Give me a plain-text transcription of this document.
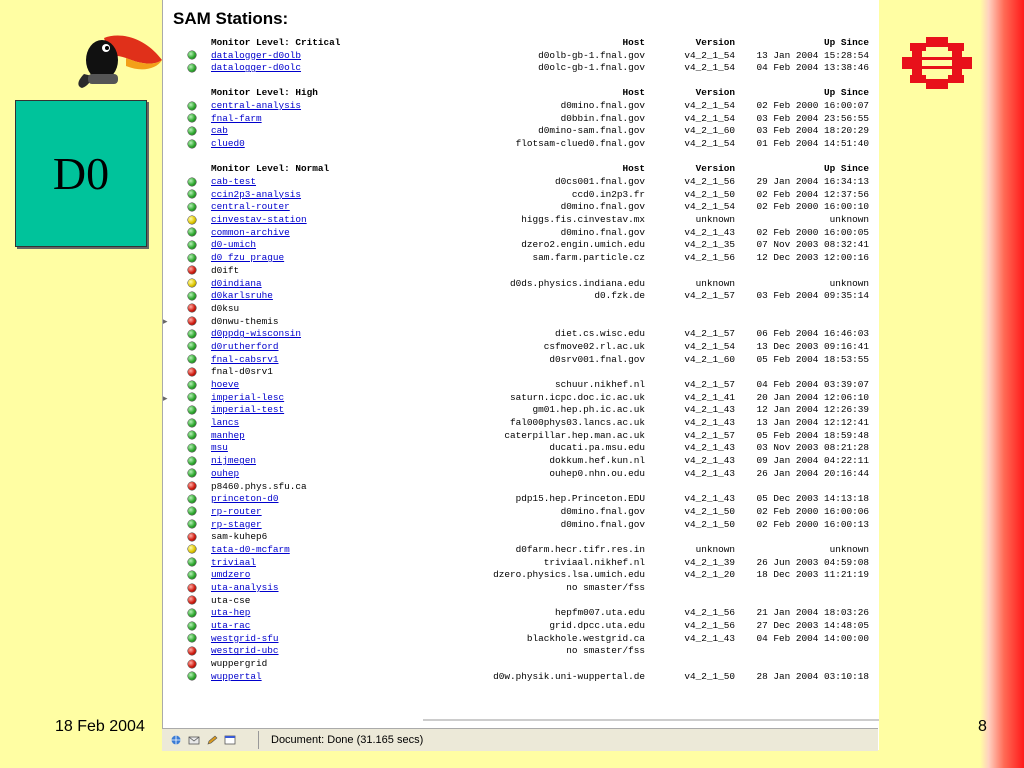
D0
18 Feb 2004	8
▸
▸
SAM Stations:
Monitor Level: Critical	Host	Version	Up Since
datalogger-d0olb	d0olb-gb-1.fnal.gov	v4_2_1_54	13 Jan 2004 15:28:54
datalogger-d0olc	d0olc-gb-1.fnal.gov	v4_2_1_54	04 Feb 2004 13:38:46
Monitor Level: High	Host	Version	Up Since
central-analysis	d0mino.fnal.gov	v4_2_1_54	02 Feb 2000 16:00:07
fnal-farm	d0bbin.fnal.gov	v4_2_1_54	03 Feb 2004 23:56:55
cab	d0mino-sam.fnal.gov	v4_2_1_60	03 Feb 2004 18:20:29
clued0	flotsam-clued0.fnal.gov	v4_2_1_54	01 Feb 2004 14:51:40
Monitor Level: Normal	Host	Version	Up Since
cab-test	d0cs001.fnal.gov	v4_2_1_56	29 Jan 2004 16:34:13
ccin2p3-analysis	ccd0.in2p3.fr	v4_2_1_50	02 Feb 2004 12:37:56
central-router	d0mino.fnal.gov	v4_2_1_54	02 Feb 2000 16:00:10
cinvestav-station	higgs.fis.cinvestav.mx	unknown	unknown
common-archive	d0mino.fnal.gov	v4_2_1_43	02 Feb 2000 16:00:05
d0-umich	dzero2.engin.umich.edu	v4_2_1_35	07 Nov 2003 08:32:41
d0 fzu prague	sam.farm.particle.cz	v4_2_1_56	12 Dec 2003 12:00:16
d0ift
d0indiana	d0ds.physics.indiana.edu	unknown	unknown
d0karlsruhe	d0.fzk.de	v4_2_1_57	03 Feb 2004 09:35:14
d0ksu
d0nwu-themis
d0ppdg-wisconsin	diet.cs.wisc.edu	v4_2_1_57	06 Feb 2004 16:46:03
d0rutherford	csfmove02.rl.ac.uk	v4_2_1_54	13 Dec 2003 09:16:41
fnal-cabsrv1	d0srv001.fnal.gov	v4_2_1_60	05 Feb 2004 18:53:55
fnal-d0srv1
hoeve	schuur.nikhef.nl	v4_2_1_57	04 Feb 2004 03:39:07
imperial-lesc	saturn.icpc.doc.ic.ac.uk	v4_2_1_41	20 Jan 2004 12:06:10
imperial-test	gm01.hep.ph.ic.ac.uk	v4_2_1_43	12 Jan 2004 12:26:39
lancs	fal000phys03.lancs.ac.uk	v4_2_1_43	13 Jan 2004 12:12:41
manhep	caterpillar.hep.man.ac.uk	v4_2_1_57	05 Feb 2004 18:59:48
msu	ducati.pa.msu.edu	v4_2_1_43	03 Nov 2003 08:21:28
nijmegen	dokkum.hef.kun.nl	v4_2_1_43	09 Jan 2004 04:22:11
ouhep	ouhep0.nhn.ou.edu	v4_2_1_43	26 Jan 2004 20:16:44
p8460.phys.sfu.ca
princeton-d0	pdp15.hep.Princeton.EDU	v4_2_1_43	05 Dec 2003 14:13:18
rp-router	d0mino.fnal.gov	v4_2_1_50	02 Feb 2000 16:00:06
rp-stager	d0mino.fnal.gov	v4_2_1_50	02 Feb 2000 16:00:13
sam-kuhep6
tata-d0-mcfarm	d0farm.hecr.tifr.res.in	unknown	unknown
triviaal	triviaal.nikhef.nl	v4_2_1_39	26 Jun 2003 04:59:08
umdzero	dzero.physics.lsa.umich.edu	v4_2_1_20	18 Dec 2003 11:21:19
uta-analysis	no smaster/fss
uta-cse
uta-hep	hepfm007.uta.edu	v4_2_1_56	21 Jan 2004 18:03:26
uta-rac	grid.dpcc.uta.edu	v4_2_1_56	27 Dec 2003 14:48:05
westgrid-sfu	blackhole.westgrid.ca	v4_2_1_43	04 Feb 2004 14:00:00
westgrid-ubc	no smaster/fss
wuppergrid
wuppertal	d0w.physik.uni-wuppertal.de	v4_2_1_50	28 Jan 2004 03:10:18
Document: Done (31.165 secs)
